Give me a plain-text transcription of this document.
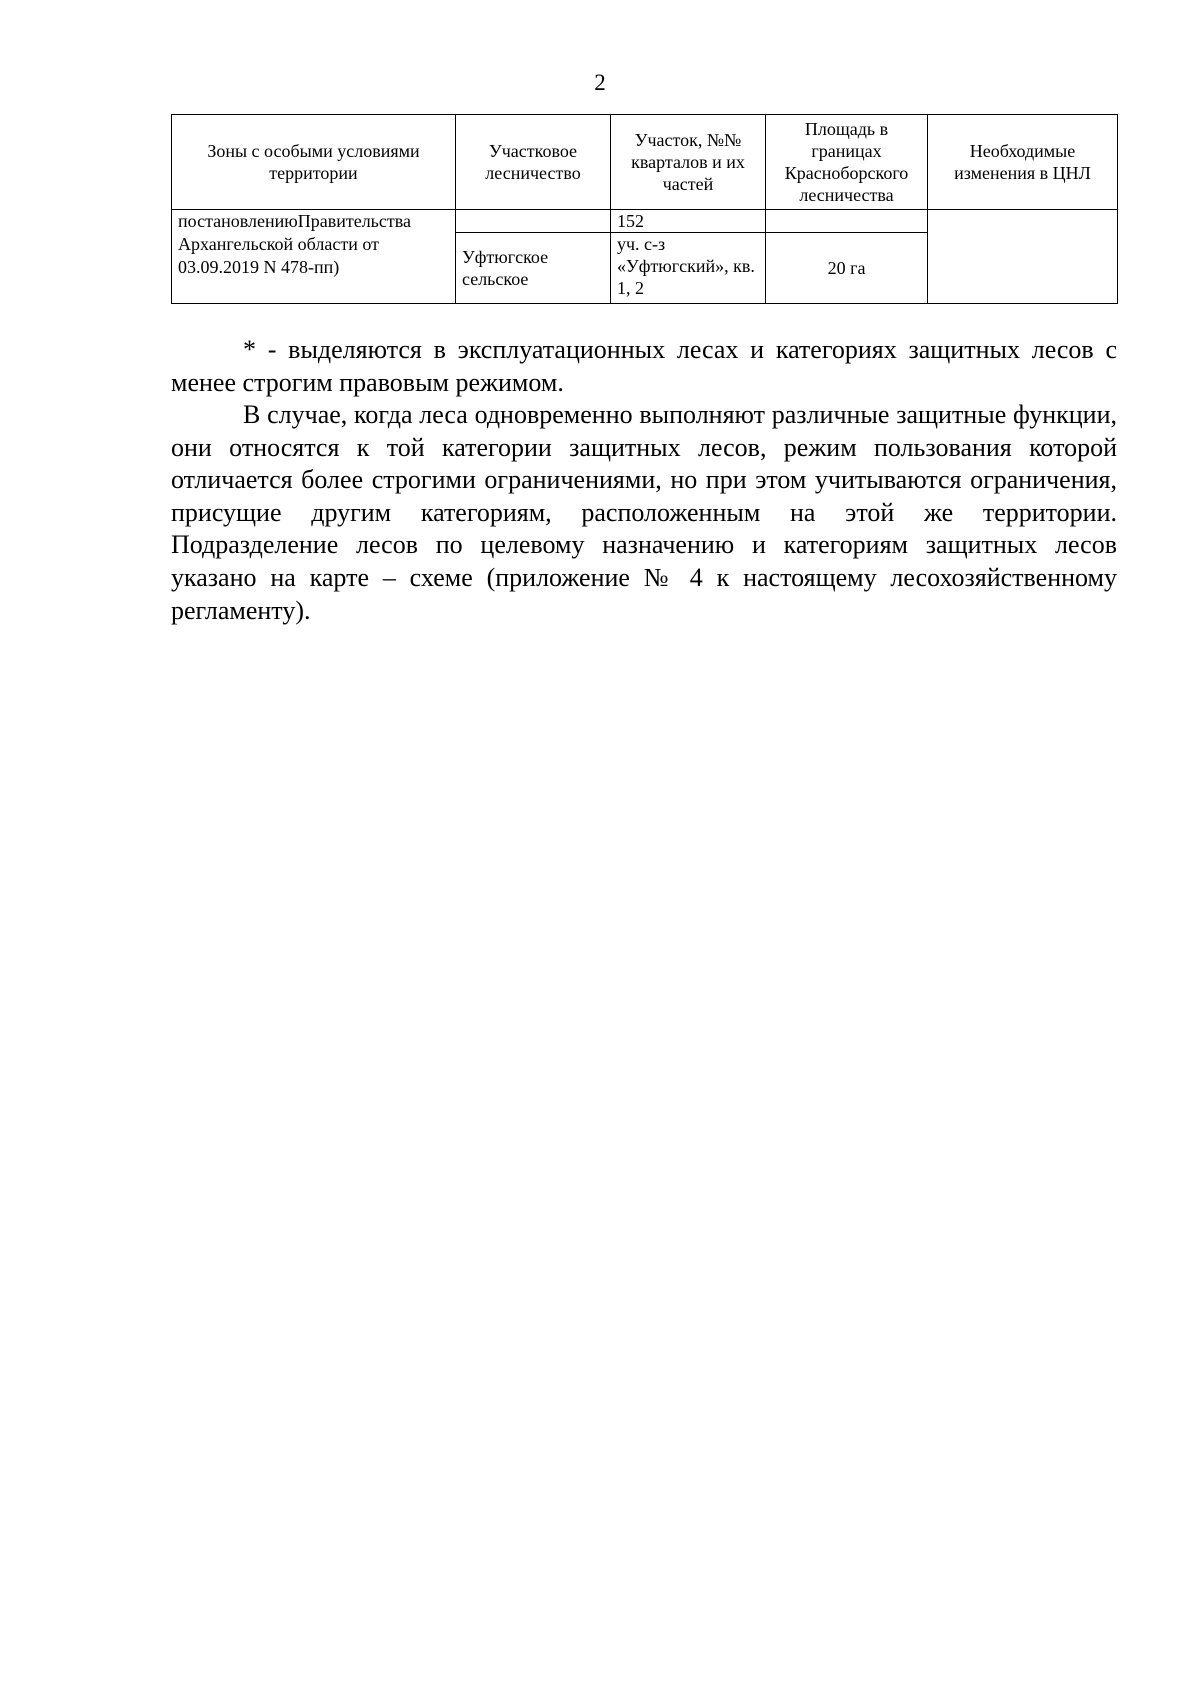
2
Зоны с особыми условиями территории	Участковое лесничество	Участок, №№ кварталов и их частей	Площадь в границах Красноборского лесничества	Необходимые изменения в ЦНЛ

постановлениюПравительства
Архангельской области от
03.09.2019 N 478-пп)		152		
	Уфтюгское сельское	уч. с-з «Уфтюгский», кв. 1, 2	20 га	

* - выделяются в эксплуатационных лесах и категориях защитных лесов с менее строгим правовым режимом.

В случае, когда леса одновременно выполняют различные защитные функции, они относятся к той категории защитных лесов, режим пользования которой отличается более строгими ограничениями, но при этом учитываются ограничения, присущие другим категориям, расположенным на этой же территории. Подразделение лесов по целевому назначению и категориям защитных лесов указано на карте – схеме (приложение № 4 к настоящему лесохозяйственному регламенту).
